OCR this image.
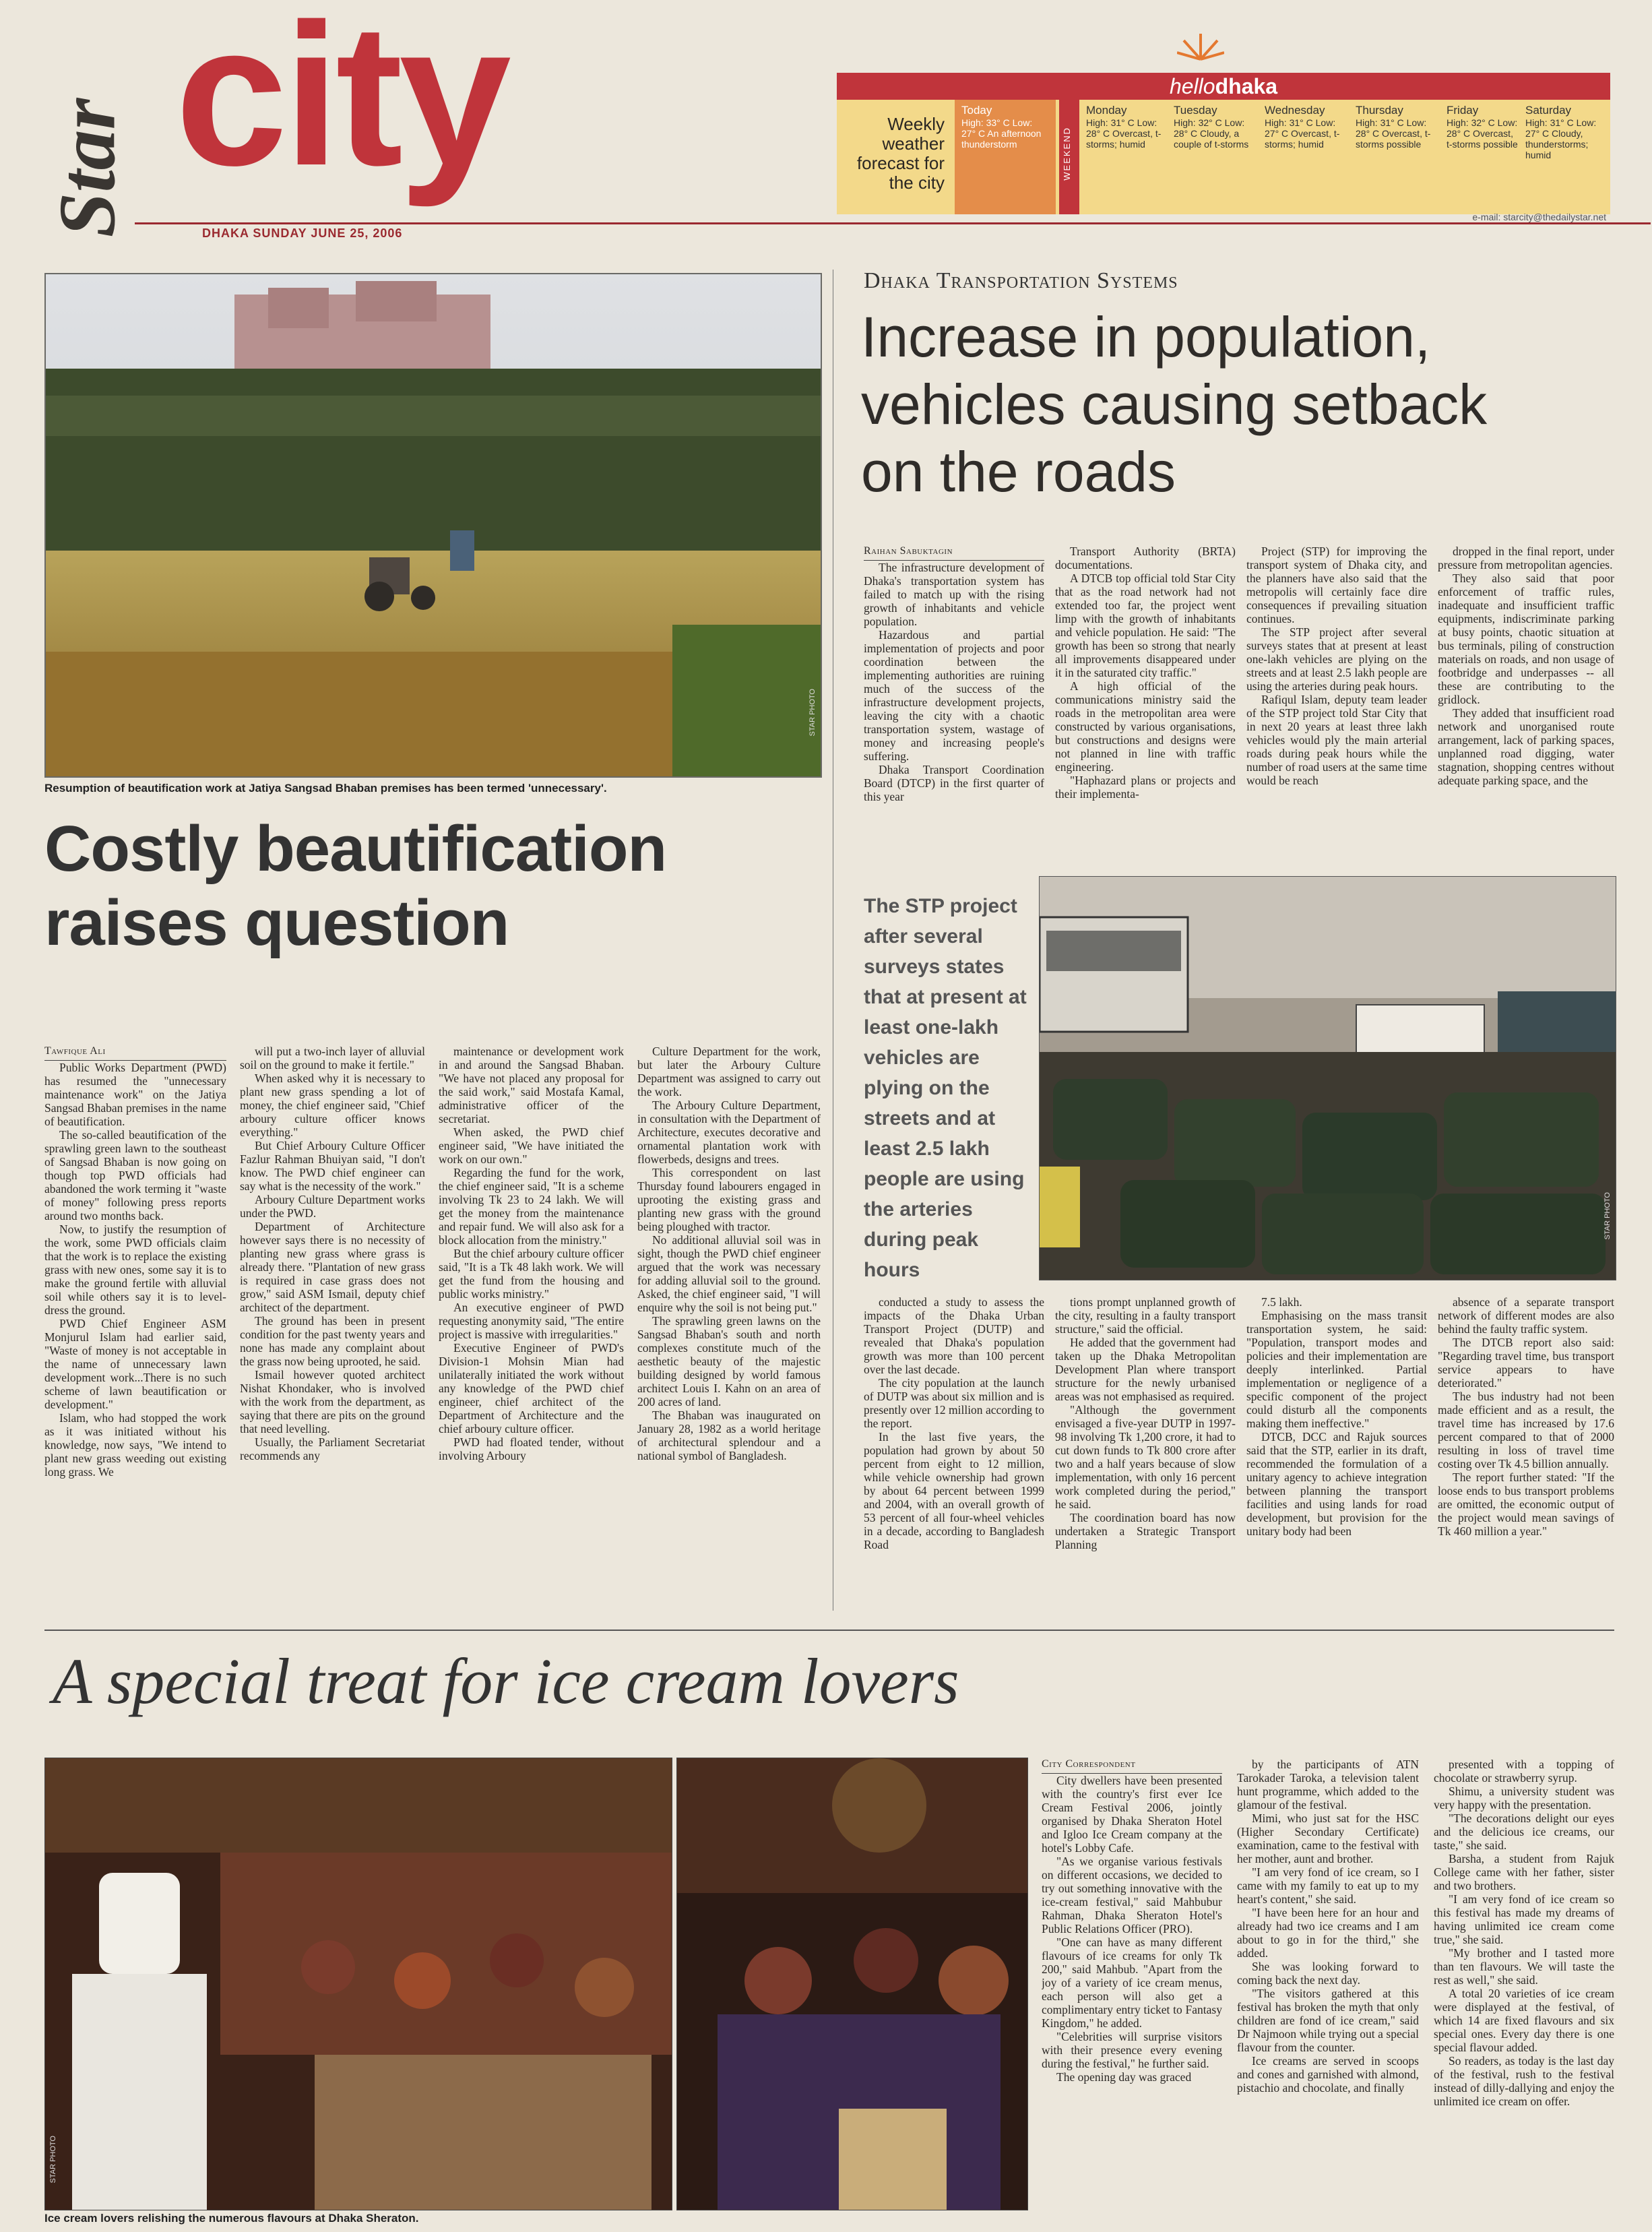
Star city
DHAKA SUNDAY JUNE 25, 2006
hellodhaka
Weekly
weather
forecast for
the city
Today
High: 33° C Low: 27° C An afternoon thunderstorm	WEEKEND
Monday
High: 31° C Low: 28° C Overcast, t-storms; humid
Tuesday
High: 32° C Low: 28° C Cloudy, a couple of t-storms
Wednesday
High: 31° C Low: 27° C Overcast, t-storms; humid
Thursday
High: 31° C Low: 28° C Overcast, t-storms possible
Friday
High: 32° C Low: 28° C Overcast, t-storms possible
Saturday
High: 31° C Low: 27° C Cloudy, thunderstorms; humid
e-mail: starcity@thedailystar.net
STAR PHOTO
Resumption of beautification work at Jatiya Sangsad Bhaban premises has been termed 'unnecessary'.
Costly beautification
raises question

Tawfique Ali

Public Works Department (PWD) has resumed the "unnecessary maintenance work" on the Jatiya Sangsad Bhaban premises in the name of beautification.

The so-called beautification of the sprawling green lawn to the southeast of Sangsad Bhaban is now going on though top PWD officials had abandoned the work terming it "waste of money" following press reports around two months back.

Now, to justify the resumption of the work, some PWD officials claim that the work is to replace the existing grass with new ones, some say it is to make the ground fertile with alluvial soil while others say it is to level-dress the ground.

PWD Chief Engineer ASM Monjurul Islam had earlier said, "Waste of money is not acceptable in the name of unnecessary lawn development work...There is no such scheme of lawn beautification or development."

Islam, who had stopped the work as it was initiated without his knowledge, now says, "We intend to plant new grass weeding out existing long grass. We

will put a two-inch layer of alluvial soil on the ground to make it fertile."

When asked why it is necessary to plant new grass spending a lot of money, the chief engineer said, "Chief arboury culture officer knows everything."

But Chief Arboury Culture Officer Fazlur Rahman Bhuiyan said, "I don't know. The PWD chief engineer can say what is the necessity of the work."

Arboury Culture Department works under the PWD.

Department of Architecture however says there is no necessity of planting new grass where grass is already there. "Plantation of new grass is required in case grass does not grow," said ASM Ismail, deputy chief architect of the department.

The ground has been in present condition for the past twenty years and none has made any complaint about the grass now being uprooted, he said.

Ismail however quoted architect Nishat Khondaker, who is involved with the work from the department, as saying that there are pits on the ground that need levelling.

Usually, the Parliament Secretariat recommends any

maintenance or development work in and around the Sangsad Bhaban. "We have not placed any proposal for the said work," said Mostafa Kamal, administrative officer of the secretariat.

When asked, the PWD chief engineer said, "We have initiated the work on our own."

Regarding the fund for the work, the chief engineer said, "It is a scheme involving Tk 23 to 24 lakh. We will get the money from the maintenance and repair fund. We will also ask for a block allocation from the ministry."

But the chief arboury culture officer said, "It is a Tk 48 lakh work. We will get the fund from the housing and public works ministry."

An executive engineer of PWD requesting anonymity said, "The entire project is massive with irregularities."

Executive Engineer of PWD's Division-1 Mohsin Mian had unilaterally initiated the work without any knowledge of the PWD chief engineer, chief architect of the Department of Architecture and the chief arboury culture officer.

PWD had floated tender, without involving Arboury

Culture Department for the work, but later the Arboury Culture Department was assigned to carry out the work.

The Arboury Culture Department, in consultation with the Department of Architecture, executes decorative and ornamental plantation work with flowerbeds, designs and trees.

This correspondent on last Thursday found labourers engaged in uprooting the existing grass and planting new grass with the ground being ploughed with tractor.

No additional alluvial soil was in sight, though the PWD chief engineer argued that the work was necessary for adding alluvial soil to the ground. Asked, the chief engineer said, "I will enquire why the soil is not being put."

The sprawling green lawns on the Sangsad Bhaban's south and north complexes constitute much of the aesthetic beauty of the majestic building designed by world famous architect Louis I. Kahn on an area of 200 acres of land.

The Bhaban was inaugurated on January 28, 1982 as a world heritage of architectural splendour and a national symbol of Bangladesh.

Dhaka Transportation Systems
Increase in population,
vehicles causing setback
on the roads

Raihan Sabuktagin

The infrastructure development of Dhaka's transportation system has failed to match up with the rising growth of inhabitants and vehicle population.

Hazardous and partial implementation of projects and poor coordination between the implementing authorities are ruining much of the success of the infrastructure development projects, leaving the city with a chaotic transportation system, wastage of money and increasing people's suffering.

Dhaka Transport Coordination Board (DTCP) in the first quarter of this year

Transport Authority (BRTA) documentations.

A DTCB top official told Star City that as the road network had not extended too far, the project went limp with the growth of inhabitants and vehicle population. He said: "The growth has been so strong that nearly all improvements disappeared under it in the saturated city traffic."

A high official of the communications ministry said the roads in the metropolitan area were constructed by various organisations, but constructions and designs were not planned in line with traffic engineering.

"Haphazard plans or projects and their implementa-

Project (STP) for improving the transport system of Dhaka city, and the planners have also said that the metropolis will certainly face dire consequences if prevailing situation continues.

The STP project after several surveys states that at present at least one-lakh vehicles are plying on the streets and at least 2.5 lakh people are using the arteries during peak hours.

Rafiqul Islam, deputy team leader of the STP project told Star City that in next 20 years at least three lakh vehicles would ply the main arterial roads during peak hours while the number of road users at the same time would be reach

dropped in the final report, under pressure from metropolitan agencies.

They also said that poor enforcement of traffic rules, inadequate and insufficient traffic equipments, indiscriminate parking at busy points, chaotic situation at bus terminals, piling of construction materials on roads, and non usage of footbridge and underpasses -- all these are contributing to the gridlock.

They added that insufficient road network and unorganised route arrangement, lack of parking spaces, unplanned road digging, water stagnation, shopping centres without adequate parking space, and the

The STP project after several surveys states that at present at least one-lakh vehicles are plying on the streets and at least 2.5 lakh people are using the arteries during peak hours
STAR PHOTO

conducted a study to assess the impacts of the Dhaka Urban Transport Project (DUTP) and revealed that Dhaka's population growth was more than 100 percent over the last decade.

The city population at the launch of DUTP was about six million and is presently over 12 million according to the report.

In the last five years, the population had grown by about 50 percent from eight to 12 million, while vehicle ownership had grown by about 64 percent between 1999 and 2004, with an overall growth of 53 percent of all four-wheel vehicles in a decade, according to Bangladesh Road

tions prompt unplanned growth of the city, resulting in a faulty transport structure," said the official.

He added that the government had taken up the Dhaka Metropolitan Development Plan where transport structure for the newly urbanised areas was not emphasised as required.

"Although the government envisaged a five-year DUTP in 1997-98 involving Tk 1,200 crore, it had to cut down funds to Tk 800 crore after two and a half years because of slow implementation, with only 16 percent work completed during the period," he said.

The coordination board has now undertaken a Strategic Transport Planning

7.5 lakh.

Emphasising on the mass transit transportation system, he said: "Population, transport modes and policies and their implementation are deeply interlinked. Partial implementation or negligence of a specific component of the project could disturb all the components making them ineffective."

DTCB, DCC and Rajuk sources said that the STP, earlier in its draft, recommended the formulation of a unitary agency to achieve integration between planning the transport facilities and using lands for road development, but provision for the unitary body had been

absence of a separate transport network of different modes are also behind the faulty traffic system.

The DTCB report also said: "Regarding travel time, bus transport service appears to have deteriorated."

The bus industry had not been made efficient and as a result, the travel time has increased by 17.6 percent compared to that of 2000 resulting in loss of travel time costing over Tk 4.5 billion annually.

The report further stated: "If the loose ends to bus transport problems are omitted, the economic output of the project would mean savings of Tk 460 million a year."

A special treat for ice cream lovers
STAR PHOTO
Ice cream lovers relishing the numerous flavours at Dhaka Sheraton.

City Correspondent

City dwellers have been presented with the country's first ever Ice Cream Festival 2006, jointly organised by Dhaka Sheraton Hotel and Igloo Ice Cream company at the hotel's Lobby Cafe.

"As we organise various festivals on different occasions, we decided to try out something innovative with the ice-cream festival," said Mahbubur Rahman, Dhaka Sheraton Hotel's Public Relations Officer (PRO).

"One can have as many different flavours of ice creams for only Tk 200," said Mahbub. "Apart from the joy of a variety of ice cream menus, each person will also get a complimentary entry ticket to Fantasy Kingdom," he added.

"Celebrities will surprise visitors with their presence every evening during the festival," he further said.

The opening day was graced

by the participants of ATN Tarokader Taroka, a television talent hunt programme, which added to the glamour of the festival.

Mimi, who just sat for the HSC (Higher Secondary Certificate) examination, came to the festival with her mother, aunt and brother.

"I am very fond of ice cream, so I came with my family to eat up to my heart's content," she said.

"I have been here for an hour and already had two ice creams and I am about to go in for the third," she added.

She was looking forward to coming back the next day.

"The visitors gathered at this festival has broken the myth that only children are fond of ice cream," said Dr Najmoon while trying out a special flavour from the counter.

Ice creams are served in scoops and cones and garnished with almond, pistachio and chocolate, and finally

presented with a topping of chocolate or strawberry syrup.

Shimu, a university student was very happy with the presentation.

"The decorations delight our eyes and the delicious ice creams, our taste," she said.

Barsha, a student from Rajuk College came with her father, sister and two brothers.

"I am very fond of ice cream so this festival has made my dreams of having unlimited ice cream come true," she said.

"My brother and I tasted more than ten flavours. We will taste the rest as well," she said.

A total 20 varieties of ice cream were displayed at the festival, of which 14 are fixed flavours and six special ones. Every day there is one special flavour added.

So readers, as today is the last day of the festival, rush to the festival instead of dilly-dallying and enjoy the unlimited ice cream on offer.
